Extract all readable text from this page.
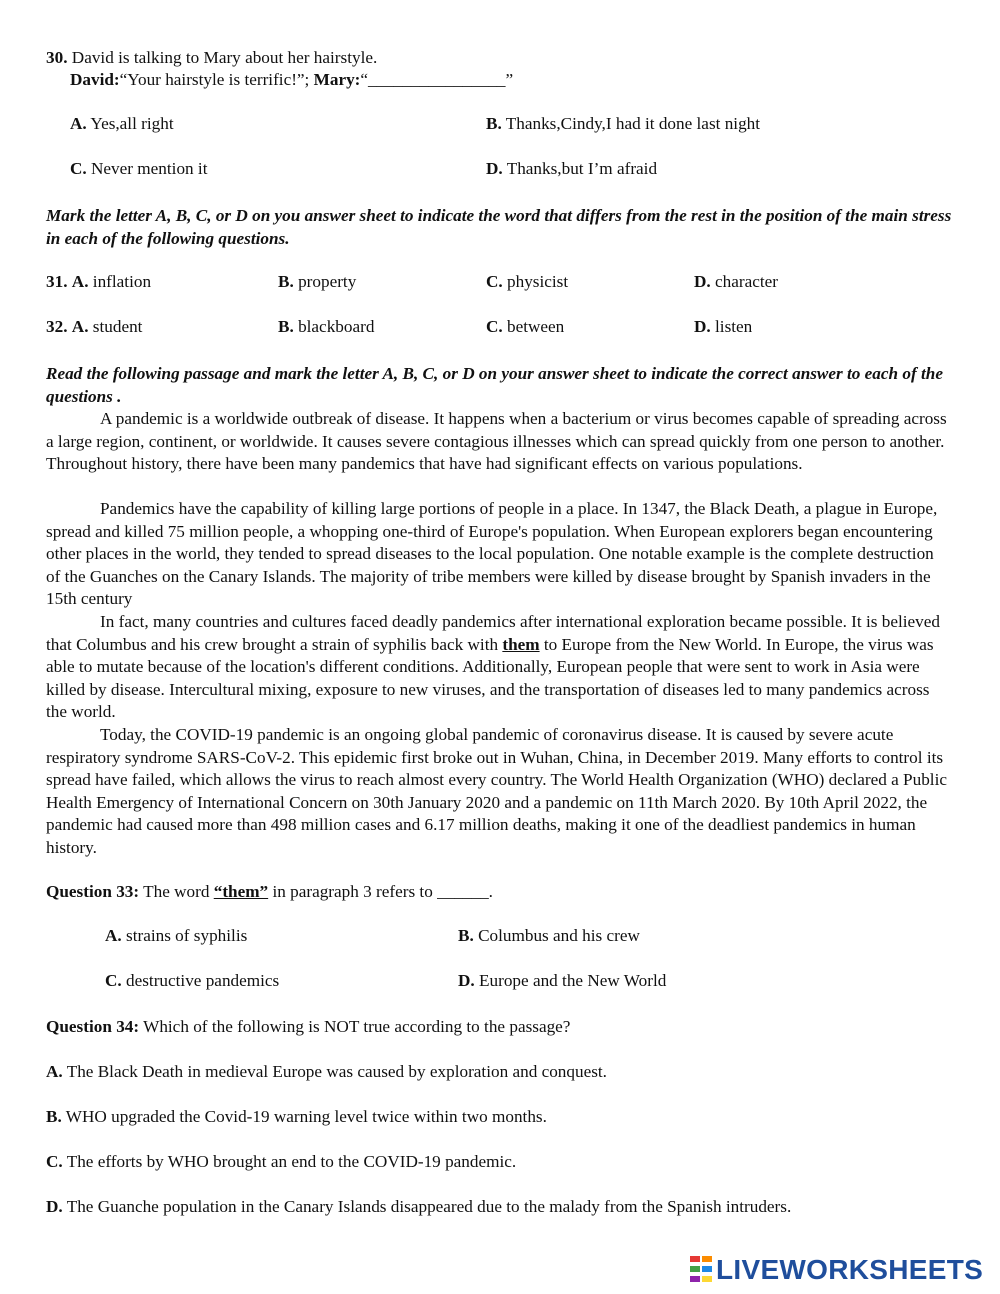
30. David is talking to Mary about her hairstyle.
David:“Your hairstyle is terrific!”; Mary:“________________”
A. Yes,all right	B. Thanks,Cindy,I had it done last night
C. Never mention it	D. Thanks,but I’m afraid
Mark the letter A, B, C, or D on you answer sheet to indicate the word that differs from the rest in the position of the main stress in each of the following questions.
31. A. inflation	B. property	C. physicist	D. character
32. A. student	B. blackboard	C. between	D. listen
Read the following passage and mark the letter A, B, C, or D on your answer sheet to indicate the correct answer to each of the questions .
A pandemic is a worldwide outbreak of disease. It happens when a bacterium or virus becomes capable of spreading across a large region, continent, or worldwide. It causes severe contagious illnesses which can spread quickly from one person to another. Throughout history, there have been many pandemics that have had significant effects on various populations.
Pandemics have the capability of killing large portions of people in a place. In 1347, the Black Death, a plague in Europe, spread and killed 75 million people, a whopping one-third of Europe's population. When European explorers began encountering other places in the world, they tended to spread diseases to the local population. One notable example is the complete destruction of the Guanches on the Canary Islands. The majority of tribe members were killed by disease brought by Spanish invaders in the 15th century
In fact, many countries and cultures faced deadly pandemics after international exploration became possible. It is believed that Columbus and his crew brought a strain of syphilis back with them to Europe from the New World. In Europe, the virus was able to mutate because of the location's different conditions. Additionally, European people that were sent to work in Asia were killed by disease. Intercultural mixing, exposure to new viruses, and the transportation of diseases led to many pandemics across the world.
Today, the COVID-19 pandemic is an ongoing global pandemic of coronavirus disease. It is caused by severe acute respiratory syndrome SARS-CoV-2. This epidemic first broke out in Wuhan, China, in December 2019. Many efforts to control its spread have failed, which allows the virus to reach almost every country. The World Health Organization (WHO) declared a Public Health Emergency of International Concern on 30th January 2020 and a pandemic on 11th March 2020. By 10th April 2022, the pandemic had caused more than 498 million cases and 6.17 million deaths, making it one of the deadliest pandemics in human history.
Question 33: The word “them” in paragraph 3 refers to ______.
A. strains of syphilis	B. Columbus and his crew
C. destructive pandemics	D. Europe and the New World
Question 34: Which of the following is NOT true according to the passage?
A. The Black Death in medieval Europe was caused by exploration and conquest.
B. WHO upgraded the Covid-19 warning level twice within two months.
C. The efforts by WHO brought an end to the COVID-19 pandemic.
D. The Guanche population in the Canary Islands disappeared due to the malady from the Spanish intruders.
LIVEWORKSHEETS
